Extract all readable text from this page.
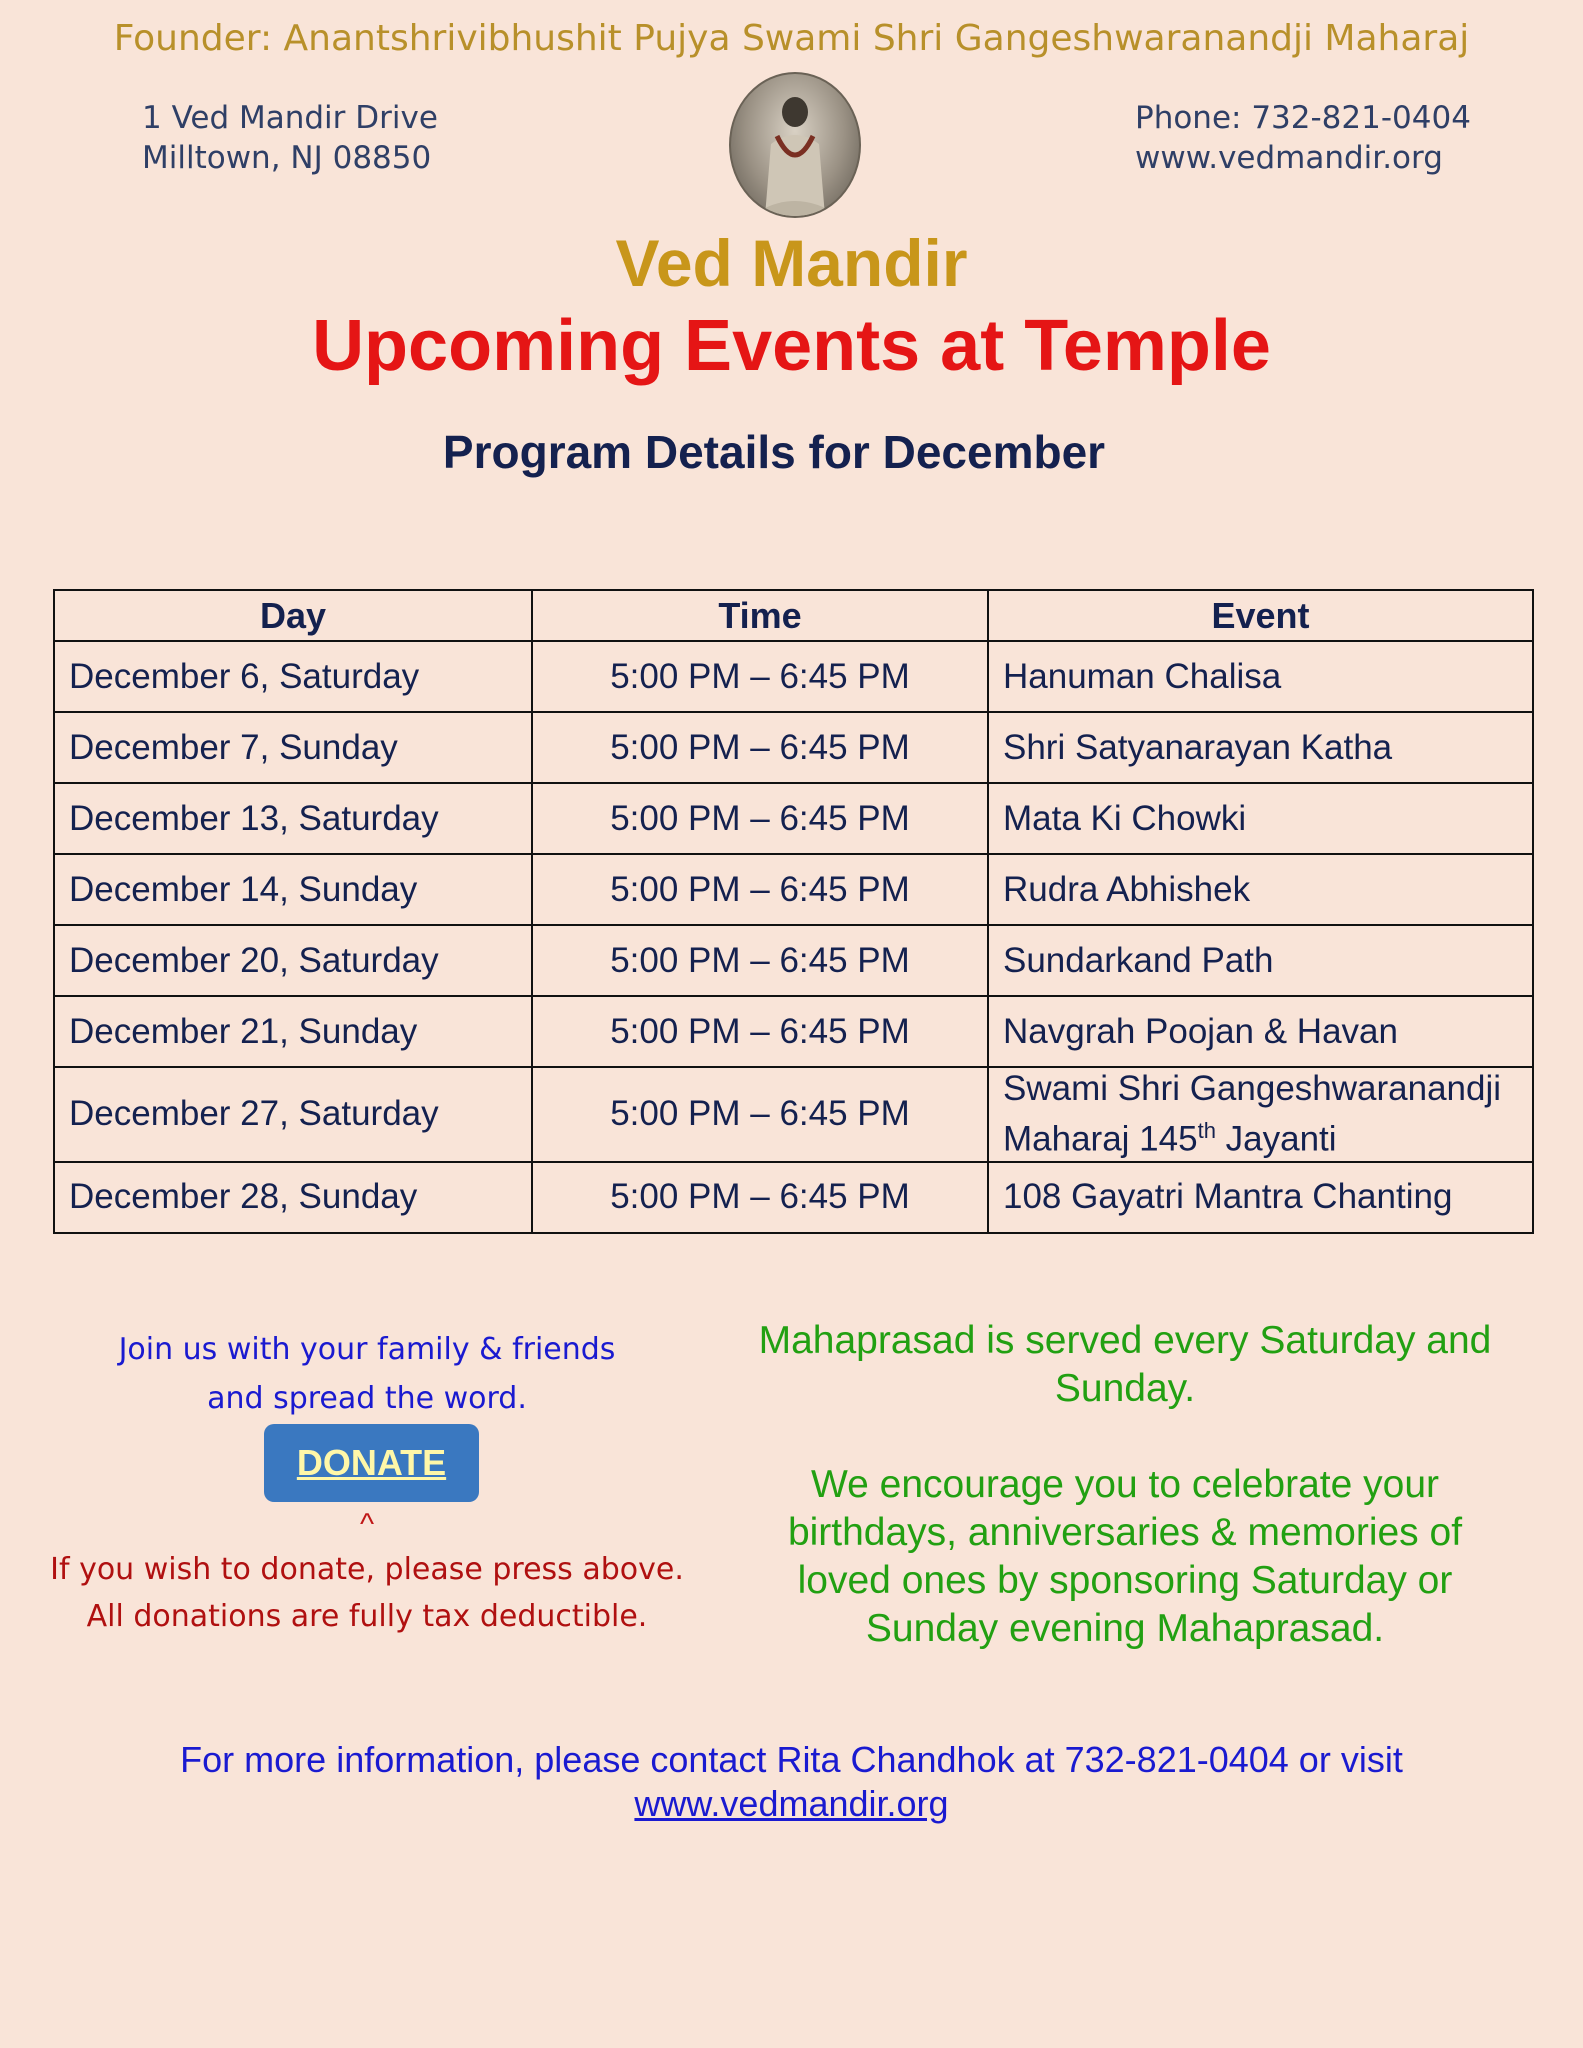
Founder: Anantshrivibhushit Pujya Swami Shri Gangeshwaranandji Maharaj
1 Ved Mandir Drive
Milltown, NJ 08850
Phone: 732-821-0404
www.vedmandir.org
Ved Mandir
Upcoming Events at Temple
Program Details for December
Day	Time	Event
December 6, Saturday	5:00 PM – 6:45 PM	Hanuman Chalisa
December 7, Sunday	5:00 PM – 6:45 PM	Shri Satyanarayan Katha
December 13, Saturday	5:00 PM – 6:45 PM	Mata Ki Chowki
December 14, Sunday	5:00 PM – 6:45 PM	Rudra Abhishek
December 20, Saturday	5:00 PM – 6:45 PM	Sundarkand Path
December 21, Sunday	5:00 PM – 6:45 PM	Navgrah Poojan & Havan
December 27, Saturday	5:00 PM – 6:45 PM	Swami Shri Gangeshwaranandji
Maharaj 145th Jayanti
December 28, Sunday	5:00 PM – 6:45 PM	108 Gayatri Mantra Chanting
Join us with your family & friends
and spread the word.
DONATE
^
If you wish to donate, please press above.
All donations are fully tax deductible.

Mahaprasad is served every Saturday and Sunday.

We encourage you to celebrate your birthdays, anniversaries & memories of loved ones by sponsoring Saturday or Sunday evening Mahaprasad.

For more information, please contact Rita Chandhok at 732-821-0404 or visit
www.vedmandir.org
